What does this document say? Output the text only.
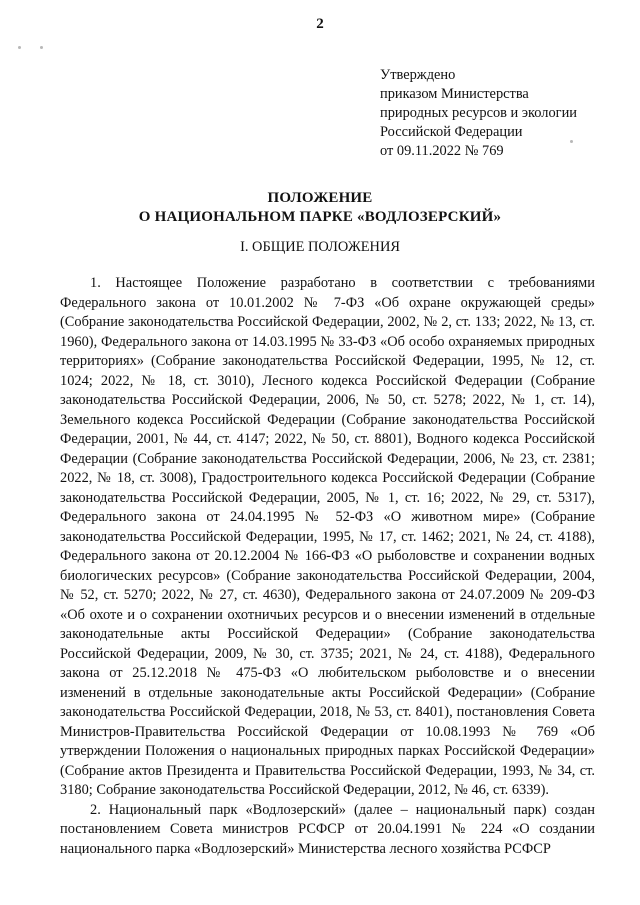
2
Утверждено
приказом Министерства
природных ресурсов и экологии
Российской Федерации
от 09.11.2022 № 769
ПОЛОЖЕНИЕ
О НАЦИОНАЛЬНОМ ПАРКЕ «ВОДЛОЗЕРСКИЙ»
I. ОБЩИЕ ПОЛОЖЕНИЯ

1. Настоящее Положение разработано в соответствии с требованиями Федерального закона от 10.01.2002 № 7-ФЗ «Об охране окружающей среды» (Собрание законодательства Российской Федерации, 2002, № 2, ст. 133; 2022, № 13, ст. 1960), Федерального закона от 14.03.1995 № 33-ФЗ «Об особо охраняемых природных территориях» (Собрание законодательства Российской Федерации, 1995, № 12, ст. 1024; 2022, № 18, ст. 3010), Лесного кодекса Российской Федерации (Собрание законодательства Российской Федерации, 2006, № 50, ст. 5278; 2022, № 1, ст. 14), Земельного кодекса Российской Федерации (Собрание законодательства Российской Федерации, 2001, № 44, ст. 4147; 2022, № 50, ст. 8801), Водного кодекса Российской Федерации (Собрание законодательства Российской Федерации, 2006, № 23, ст. 2381; 2022, № 18, ст. 3008), Градостроительного кодекса Российской Федерации (Собрание законодательства Российской Федерации, 2005, № 1, ст. 16; 2022, № 29, ст. 5317), Федерального закона от 24.04.1995 № 52-ФЗ «О животном мире» (Собрание законодательства Российской Федерации, 1995, № 17, ст. 1462; 2021, № 24, ст. 4188), Федерального закона от 20.12.2004 № 166-ФЗ «О рыболовстве и сохранении водных биологических ресурсов» (Собрание законодательства Российской Федерации, 2004, № 52, ст. 5270; 2022, № 27, ст. 4630), Федерального закона от 24.07.2009 № 209-ФЗ «Об охоте и о сохранении охотничьих ресурсов и о внесении изменений в отдельные законодательные акты Российской Федерации» (Собрание законодательства Российской Федерации, 2009, № 30, ст. 3735; 2021, № 24, ст. 4188), Федерального закона от 25.12.2018 № 475-ФЗ «О любительском рыболовстве и о внесении изменений в отдельные законодательные акты Российской Федерации» (Собрание законодательства Российской Федерации, 2018, № 53, ст. 8401), постановления Совета Министров-Правительства Российской Федерации от 10.08.1993 № 769 «Об утверждении Положения о национальных природных парках Российской Федерации» (Собрание актов Президента и Правительства Российской Федерации, 1993, № 34, ст. 3180; Собрание законодательства Российской Федерации, 2012, № 46, ст. 6339).

2. Национальный парк «Водлозерский» (далее – национальный парк) создан постановлением Совета министров РСФСР от 20.04.1991 № 224 «О создании национального парка «Водлозерский» Министерства лесного хозяйства РСФСР
